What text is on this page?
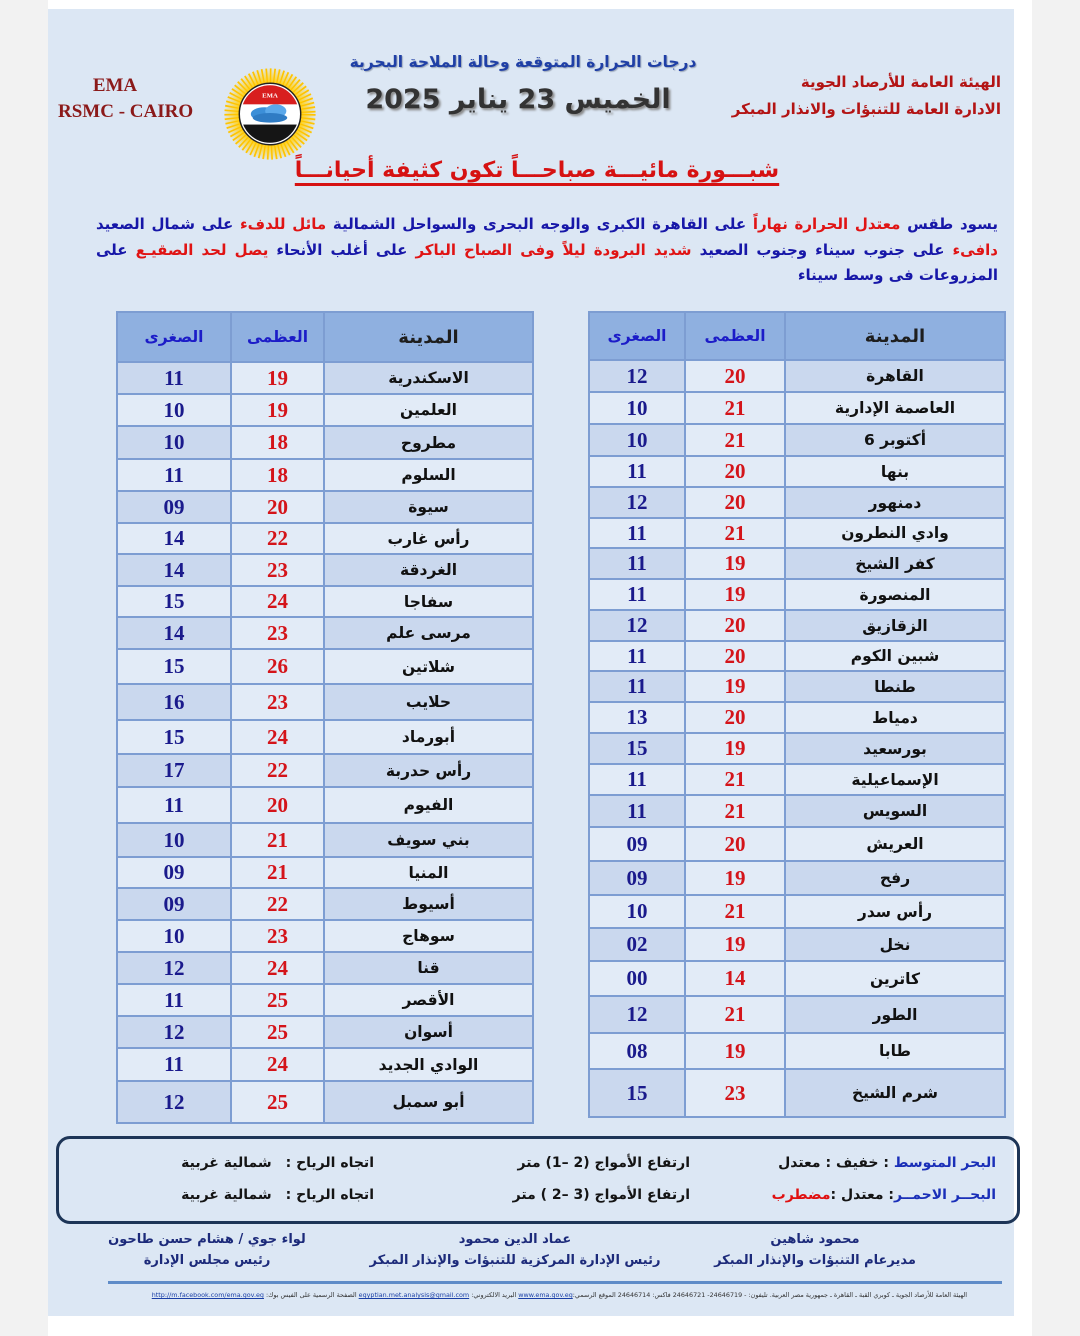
EMA
RSMC - CAIRO
EMA
درجات الحرارة المتوقعة وحالة الملاحة البحرية
الخميس 23 يناير 2025
الهيئة العامة للأرصاد الجوية
الادارة العامة للتنبؤات والانذار المبكر
شبـــورة مائيـــة صباحـــاً تكون كثيفة أحيانـــاً
يسود طقس معتدل الحرارة نهاراً على القاهرة الكبرى والوجه البحرى والسواحل الشمالية مائل للدفء على شمال الصعيد
دافىء على جنوب سيناء وجنوب الصعيد شديد البرودة ليلاً وفى الصباح الباكر على أغلب الأنحاء يصل لحد الصقيـع على
المزروعات فى وسط سيناء
المدينة	العظمى	الصغرى
القاهرة	20	12
العاصمة الإدارية	21	10
6 أكتوبر	21	10
بنها	20	11
دمنهور	20	12
وادي النطرون	21	11
كفر الشيخ	19	11
المنصورة	19	11
الزقازيق	20	12
شبين الكوم	20	11
طنطا	19	11
دمياط	20	13
بورسعيد	19	15
الإسماعيلية	21	11
السويس	21	11
العريش	20	09
رفح	19	09
رأس سدر	21	10
نخل	19	02
كاترين	14	00
الطور	21	12
طابا	19	08
شرم الشيخ	23	15
المدينة	العظمى	الصغرى
الاسكندرية	19	11
العلمين	19	10
مطروح	18	10
السلوم	18	11
سيوة	20	09
رأس غارب	22	14
الغردقة	23	14
سفاجا	24	15
مرسى علم	23	14
شلاتين	26	15
حلايب	23	16
أبورماد	24	15
رأس حدربة	22	17
الفيوم	20	11
بني سويف	21	10
المنيا	21	09
أسيوط	22	09
سوهاج	23	10
قنا	24	12
الأقصر	25	11
أسوان	25	12
الوادي الجديد	24	11
أبو سمبل	25	12
البحر المتوسط : خفيف : معتدل
ارتفاع الأمواج (1– 2) متر
اتجاه الرياح :شمالية غربية
البحــر الاحمــر: معتدل :مضطرب
ارتفاع الأمواج ( 2– 3) متر
اتجاه الرياح :شمالية غربية
محمود شاهين
مديرعام التنبؤات والإنذار المبكر
عماد الدين محمود
رئيس الإدارة المركزية للتنبؤات والإنذار المبكر
لواء جوي / هشام حسن طاحون
رئيس مجلس الإدارة
الهيئة العامة للأرصاد الجوية ـ كوبري القبة ـ القاهرة ـ جمهورية مصر العربية. تليفون: - 24646719- 24646721 فاكس: 24646714 الموقع الرسمي:www.ema.gov.eg البريد الالكتروني: egyptian.met.analysis@gmail.com الصفحة الرسمية على الفيس بوك: http://m.facebook.com/ema.gov.eg
